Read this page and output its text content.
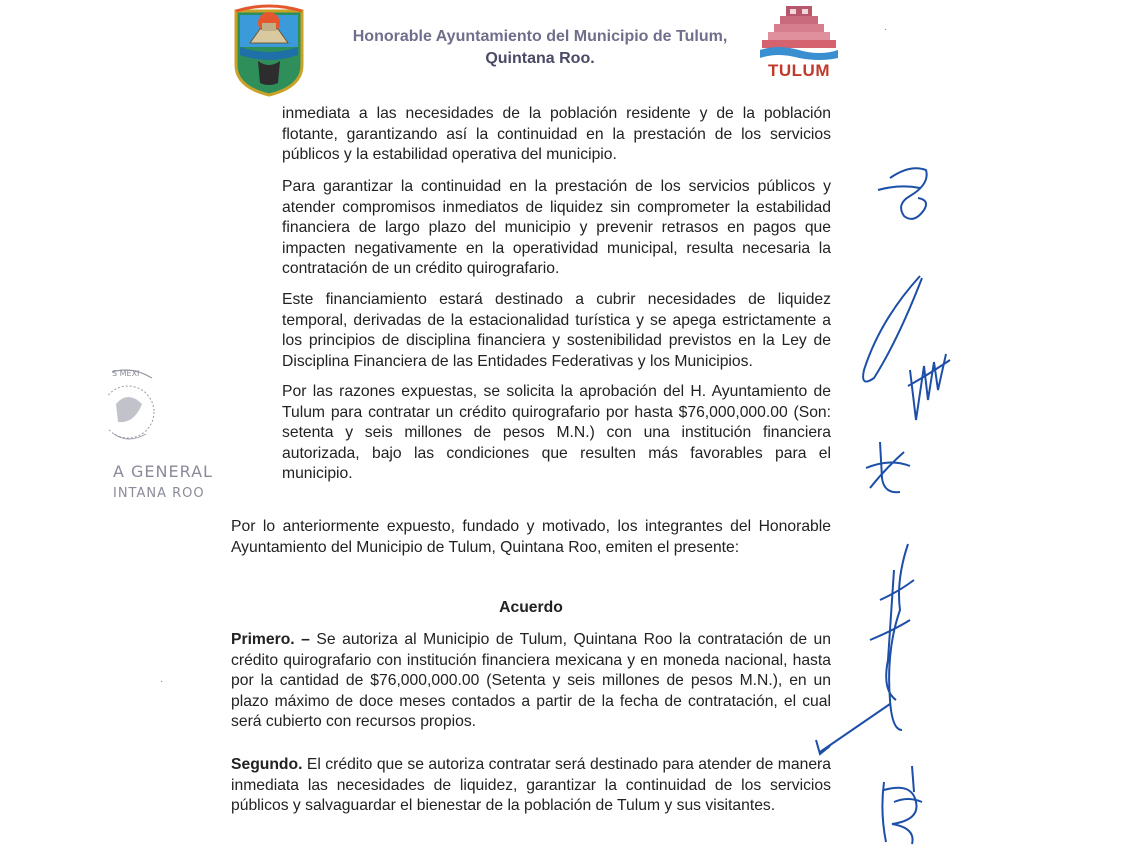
Honorable Ayuntamiento del Municipio de Tulum,
Quintana Roo.
TULUM
inmediata a las necesidades de la población residente y de la población flotante, garantizando así la continuidad en la prestación de los servicios públicos y la estabilidad operativa del municipio.
Para garantizar la continuidad en la prestación de los servicios públicos y atender compromisos inmediatos de liquidez sin comprometer la estabilidad financiera de largo plazo del municipio y prevenir retrasos en pagos que impacten negativamente en la operatividad municipal, resulta necesaria la contratación de un crédito quirografario.
Este financiamiento estará destinado a cubrir necesidades de liquidez temporal, derivadas de la estacionalidad turística y se apega estrictamente a los principios de disciplina financiera y sostenibilidad previstos en la Ley de Disciplina Financiera de las Entidades Federativas y los Municipios.
Por las razones expuestas, se solicita la aprobación del H. Ayuntamiento de Tulum para contratar un crédito quirografario por hasta $76,000,000.00 (Son: setenta y seis millones de pesos M.N.) con una institución financiera autorizada, bajo las condiciones que resulten más favorables para el municipio.
Por lo anteriormente expuesto, fundado y motivado, los integrantes del Honorable Ayuntamiento del Municipio de Tulum, Quintana Roo, emiten el presente:
Acuerdo
Primero. – Se autoriza al Municipio de Tulum, Quintana Roo la contratación de un crédito quirografario con institución financiera mexicana y en moneda nacional, hasta por la cantidad de $76,000,000.00 (Setenta y seis millones de pesos M.N.), en un plazo máximo de doce meses contados a partir de la fecha de contratación, el cual será cubierto con recursos propios.
Segundo. El crédito que se autoriza contratar será destinado para atender de manera inmediata las necesidades de liquidez, garantizar la continuidad de los servicios públicos y salvaguardar el bienestar de la población de Tulum y sus visitantes.
S MEXI
A GENERAL
INTANA ROO
·
·
